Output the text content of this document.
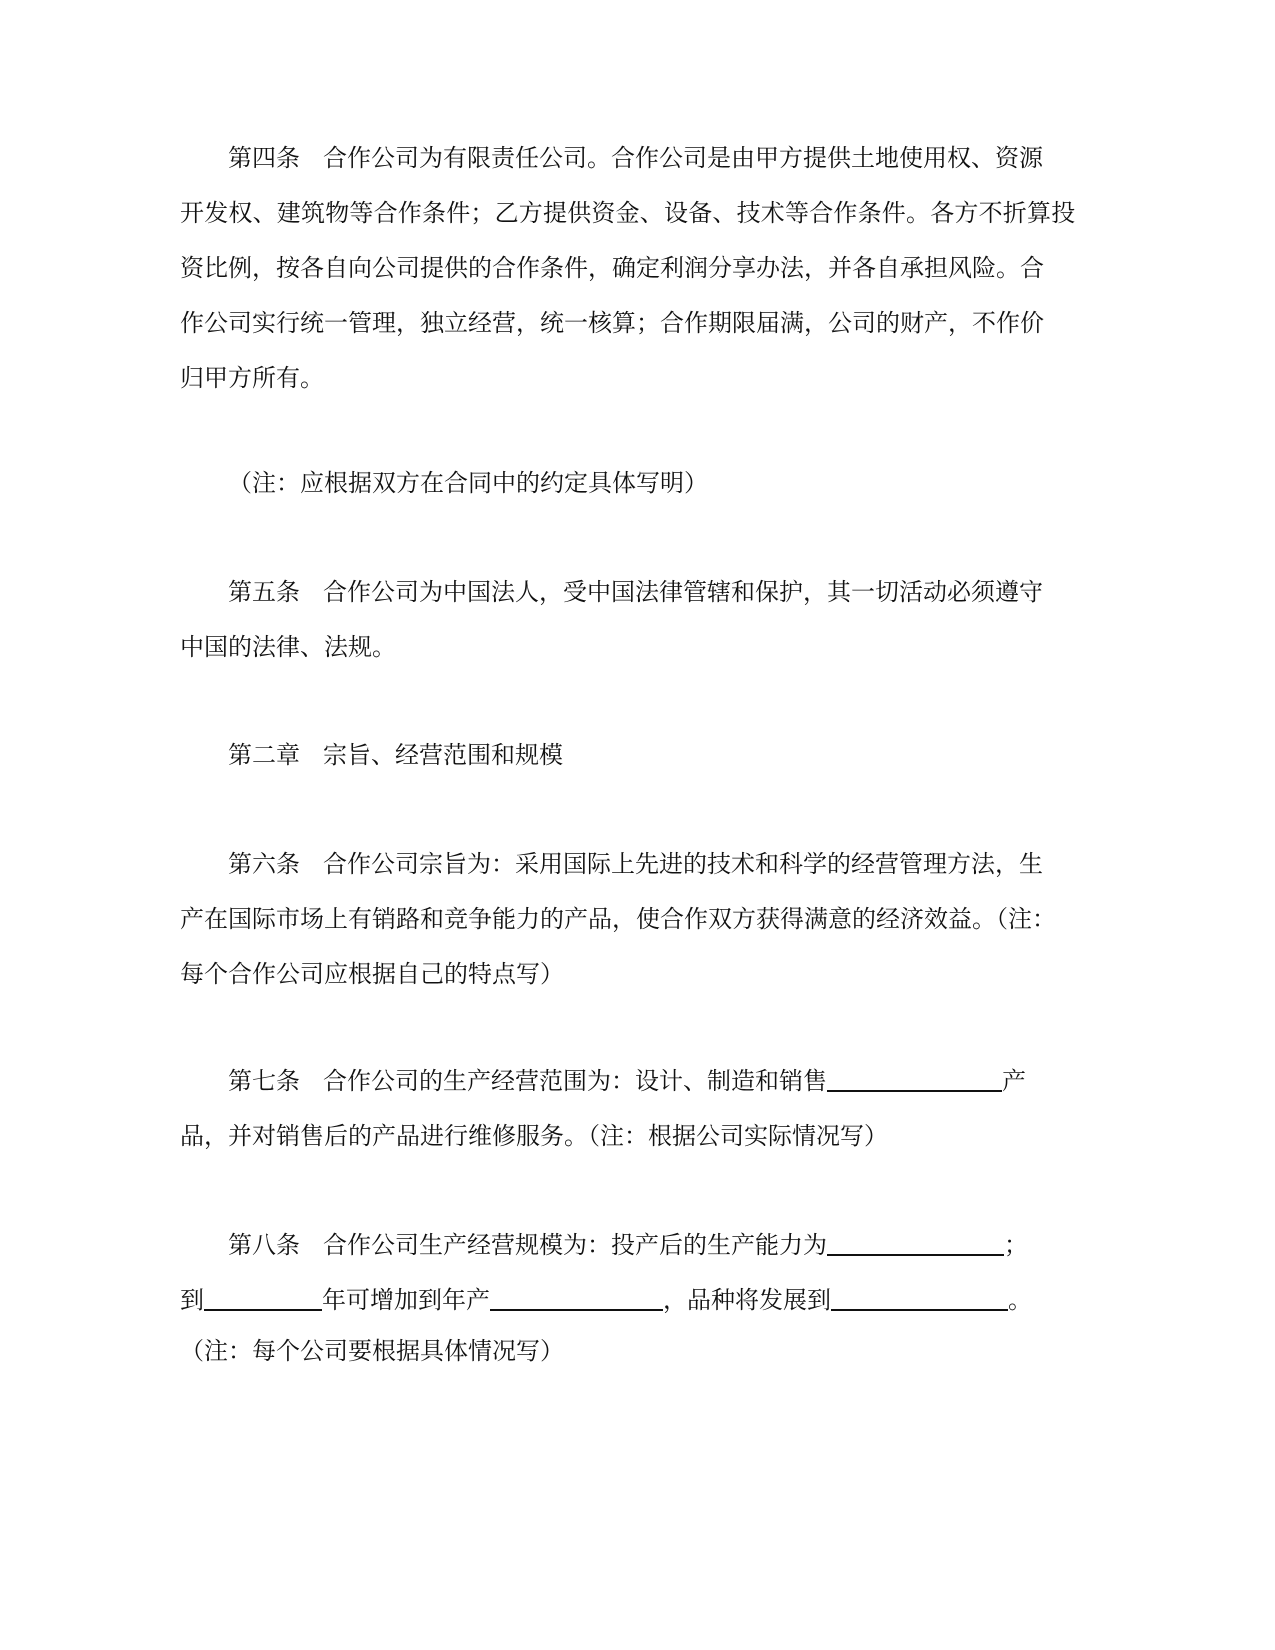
第四条 合作公司为有限责任公司。合作公司是由甲方提供土地使用权、资源
开发权、建筑物等合作条件；乙方提供资金、设备、技术等合作条件。各方不折算投
资比例，按各自向公司提供的合作条件，确定利润分享办法，并各自承担风险。合
作公司实行统一管理，独立经营，统一核算；合作期限届满，公司的财产，不作价
归甲方所有。
（注：应根据双方在合同中的约定具体写明）
第五条 合作公司为中国法人，受中国法律管辖和保护，其一切活动必须遵守
中国的法律、法规。
第二章 宗旨、经营范围和规模
第六条 合作公司宗旨为：采用国际上先进的技术和科学的经营管理方法，生
产在国际市场上有销路和竞争能力的产品，使合作双方获得满意的经济效益。（注：
每个合作公司应根据自己的特点写）
第七条 合作公司的生产经营范围为：设计、制造和销售	产
品，并对销售后的产品进行维修服务。（注：根据公司实际情况写）
第八条 合作公司生产经营规模为：投产后的生产能力为	；
到	年可增加到年产	，品种将发展到	。
（注：每个公司要根据具体情况写）
